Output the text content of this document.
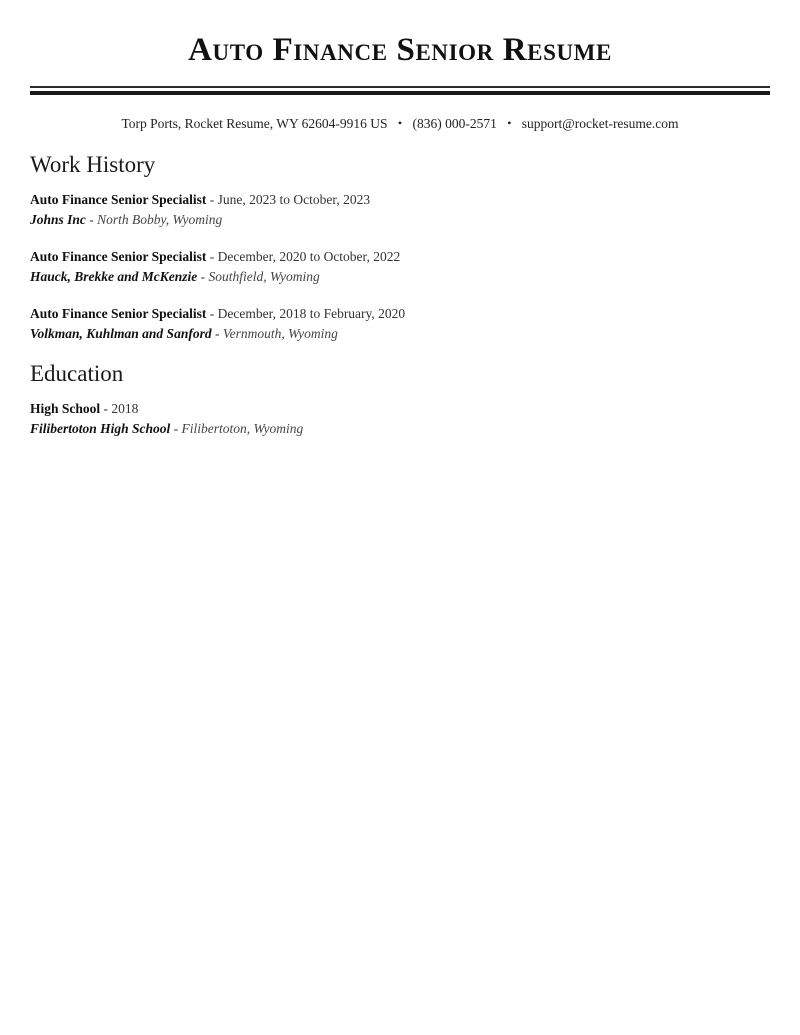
Auto Finance Senior Resume
Torp Ports, Rocket Resume, WY 62604-9916 US • (836) 000-2571 • support@rocket-resume.com
Work History
Auto Finance Senior Specialist - June, 2023 to October, 2023
Johns Inc - North Bobby, Wyoming
Auto Finance Senior Specialist - December, 2020 to October, 2022
Hauck, Brekke and McKenzie - Southfield, Wyoming
Auto Finance Senior Specialist - December, 2018 to February, 2020
Volkman, Kuhlman and Sanford - Vernmouth, Wyoming
Education
High School - 2018
Filibertoton High School - Filibertoton, Wyoming
